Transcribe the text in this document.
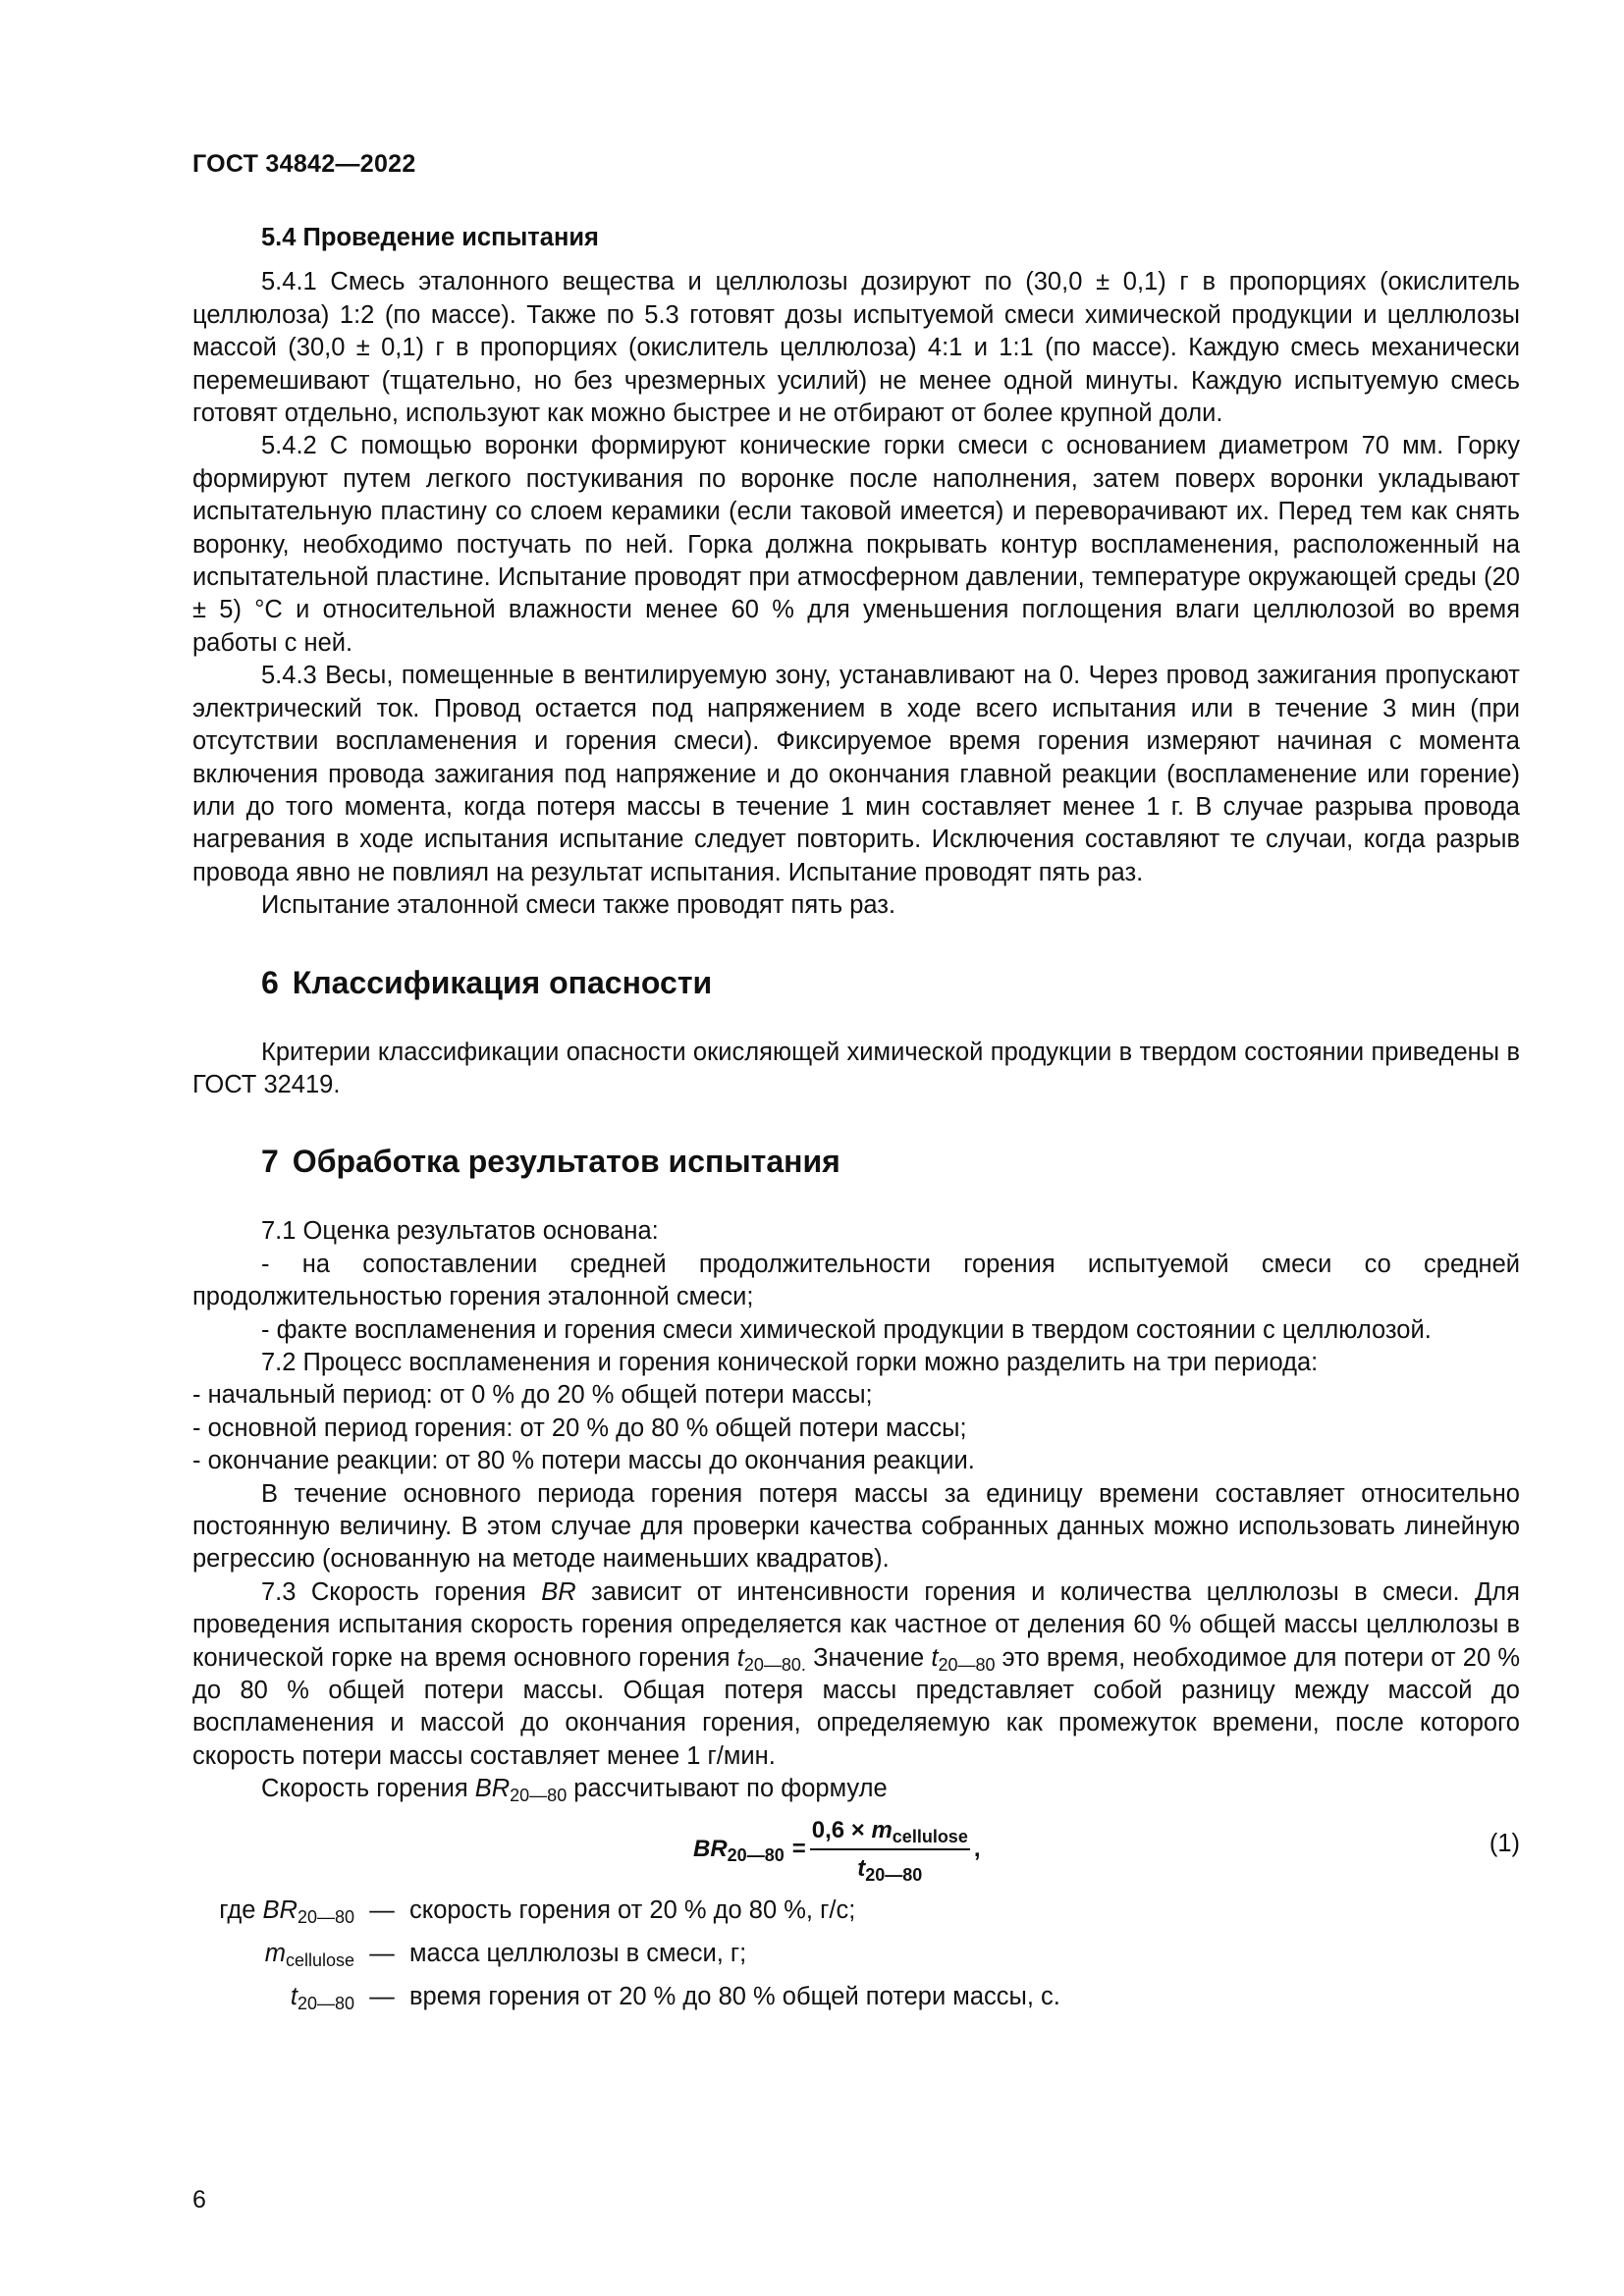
ГОСТ 34842—2022
5.4 Проведение испытания

5.4.1 Смесь эталонного вещества и целлюлозы дозируют по (30,0 ± 0,1) г в пропорциях (окислитель целлюлоза) 1:2 (по массе). Также по 5.3 готовят дозы испытуемой смеси химической продукции и целлюлозы массой (30,0 ± 0,1) г в пропорциях (окислитель целлюлоза) 4:1 и 1:1 (по массе). Каждую смесь механически перемешивают (тщательно, но без чрезмерных усилий) не менее одной минуты. Каждую испытуемую смесь готовят отдельно, используют как можно быстрее и не отбирают от более крупной доли.

5.4.2 С помощью воронки формируют конические горки смеси с основанием диаметром 70 мм. Горку формируют путем легкого постукивания по воронке после наполнения, затем поверх воронки укладывают испытательную пластину со слоем керамики (если таковой имеется) и переворачивают их. Перед тем как снять воронку, необходимо постучать по ней. Горка должна покрывать контур воспламенения, расположенный на испытательной пластине. Испытание проводят при атмосферном давлении, температуре окружающей среды (20 ± 5) °С и относительной влажности менее 60 % для уменьшения поглощения влаги целлюлозой во время работы с ней.

5.4.3 Весы, помещенные в вентилируемую зону, устанавливают на 0. Через провод зажигания пропускают электрический ток. Провод остается под напряжением в ходе всего испытания или в течение 3 мин (при отсутствии воспламенения и горения смеси). Фиксируемое время горения измеряют начиная с момента включения провода зажигания под напряжение и до окончания главной реакции (воспламенение или горение) или до того момента, когда потеря массы в течение 1 мин составляет менее 1 г. В случае разрыва провода нагревания в ходе испытания испытание следует повторить. Исключения составляют те случаи, когда разрыв провода явно не повлиял на результат испытания. Испытание проводят пять раз.

Испытание эталонной смеси также проводят пять раз.

6 Классификация опасности

Критерии классификации опасности окисляющей химической продукции в твердом состоянии приведены в ГОСТ 32419.

7 Обработка результатов испытания

7.1 Оценка результатов основана:

- на сопоставлении средней продолжительности горения испытуемой смеси со средней продолжительностью горения эталонной смеси;

- факте воспламенения и горения смеси химической продукции в твердом состоянии с целлюлозой.

7.2 Процесс воспламенения и горения конической горки можно разделить на три периода:

- начальный период: от 0 % до 20 % общей потери массы;

- основной период горения: от 20 % до 80 % общей потери массы;

- окончание реакции: от 80 % потери массы до окончания реакции.

В течение основного периода горения потеря массы за единицу времени составляет относительно постоянную величину. В этом случае для проверки качества собранных данных можно использовать линейную регрессию (основанную на методе наименьших квадратов).

7.3 Скорость горения BR зависит от интенсивности горения и количества целлюлозы в смеси. Для проведения испытания скорость горения определяется как частное от деления 60 % общей массы целлюлозы в конической горке на время основного горения $t_{20—80.}$ Значение $t_{20—80}$ это время, необходимое для потери от 20 % до 80 % общей потери массы. Общая потеря массы представляет собой разницу между массой до воспламенения и массой до окончания горения, определяемую как промежуток времени, после которого скорость потери массы составляет менее 1 г/мин.

Скорость горения $BR_{20—80}$ рассчитывают по формуле

$BR_{20—80} = \frac{0,6 \times m_{cellulose}}{t_{20—80}}$ ,	(1)
где $BR_{20—80}$ — скорость горения от 20 % до 80 %, г/с;
$m_{cellulose}$ — масса целлюлозы в смеси, г;
$t_{20—80}$ — время горения от 20 % до 80 % общей потери массы, с.
6
